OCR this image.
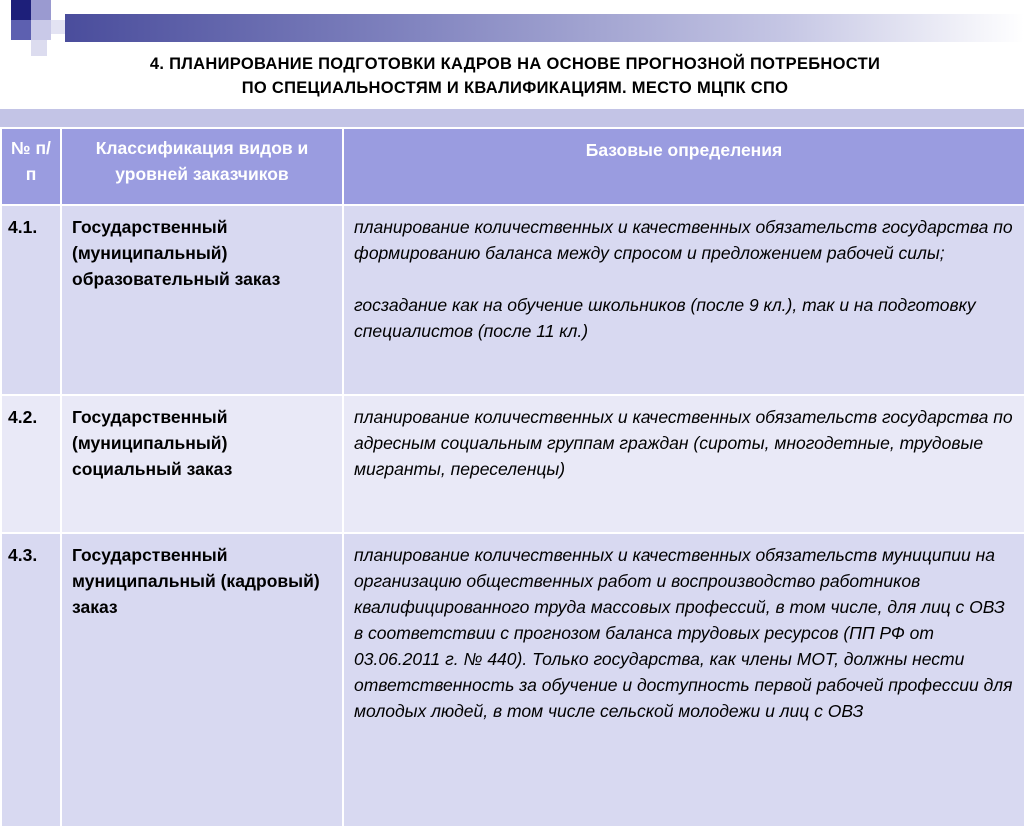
4. ПЛАНИРОВАНИЕ ПОДГОТОВКИ КАДРОВ НА ОСНОВЕ ПРОГНОЗНОЙ ПОТРЕБНОСТИ
ПО СПЕЦИАЛЬНОСТЯМ И КВАЛИФИКАЦИЯМ. МЕСТО МЦПК СПО
№ п/п	Классификация видов и уровней заказчиков	Базовые определения
4.1.	Государственный (муниципальный) образовательный заказ	планирование количественных и качественных обязательств государства по формированию баланса между спросом и предложением рабочей силы;
госзадание как на обучение школьников (после 9 кл.), так и на подготовку специалистов (после 11 кл.)

4.2.	Государственный (муниципальный) социальный заказ	планирование количественных и качественных обязательств государства по адресным социальным группам граждан (сироты, многодетные, трудовые мигранты, переселенцы)

4.3.	Государственный муниципальный (кадровый) заказ	планирование количественных и качественных обязательств муниципии на организацию общественных работ и воспроизводство работников квалифицированного труда массовых профессий, в том числе, для лиц с ОВЗ в соответствии с прогнозом баланса трудовых ресурсов (ПП РФ от 03.06.2011 г. № 440). Только государства, как члены МОТ, должны нести ответственность за обучение и доступность первой рабочей профессии для молодых людей, в том числе сельской молодежи и лиц с ОВЗ
